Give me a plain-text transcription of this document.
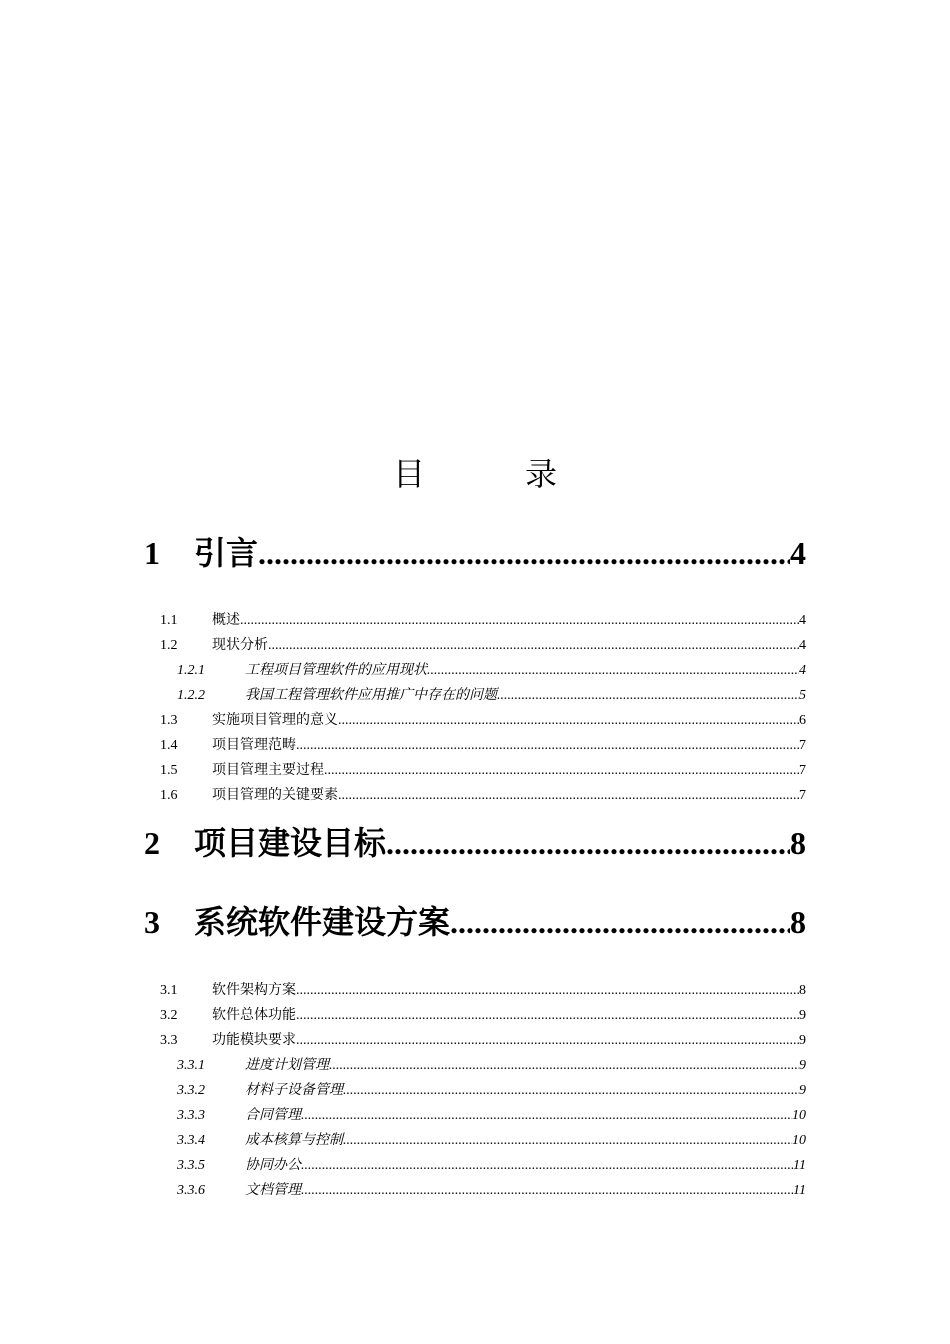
目	录
1	引言 .....	4
1.1	概述 .....	4
1.2	现状分析 .....	4
1.2.1	工程项目管理软件的应用现状 .....	4
1.2.2	我国工程管理软件应用推广中存在的问题 .....	5
1.3	实施项目管理的意义 .....	6
1.4	项目管理范畴 .....	7
1.5	项目管理主要过程 .....	7
1.6	项目管理的关键要素 .....	7
2	项目建设目标 .....	8
3	系统软件建设方案 .....	8
3.1	软件架构方案 .....	8
3.2	软件总体功能 .....	9
3.3	功能模块要求 .....	9
3.3.1	进度计划管理 .....	9
3.3.2	材料子设备管理 .....	9
3.3.3	合同管理 .....	10
3.3.4	成本核算与控制 .....	10
3.3.5	协同办公 .....	11
3.3.6	文档管理 .....	11
